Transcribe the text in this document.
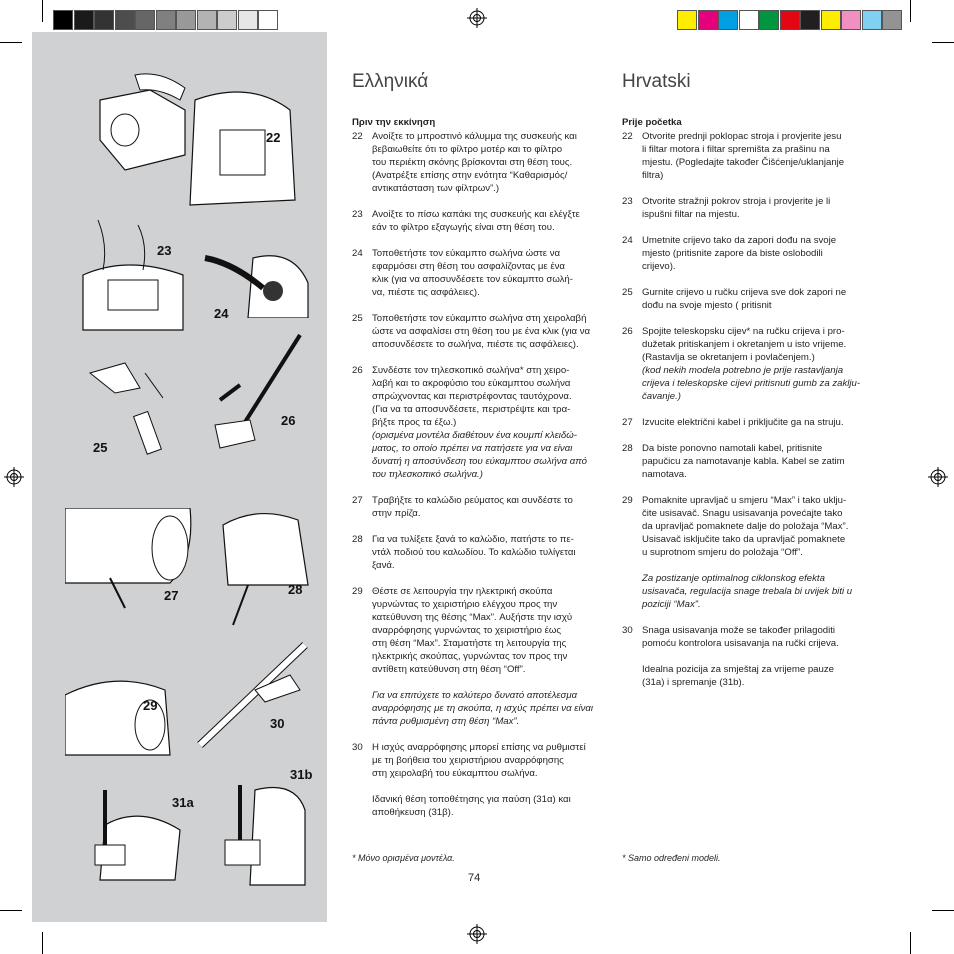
22
23
24
25
26
27	28
29
30
31a
31b
Ελληνικά
Πριν την εκκίνηση
22 Ανοίξτε το μπροστινό κάλυμμα της συσκευής και
βεβαιωθείτε ότι το φίλτρο μοτέρ και το φίλτρο
του περιέκτη σκόνης βρίσκονται στη θέση τους.
(Ανατρέξτε επίσης στην ενότητα “Καθαρισμός/
αντικατάσταση των φίλτρων”.)

23 Ανοίξτε το πίσω καπάκι της συσκευής και ελέγξτε
εάν το φίλτρο εξαγωγής είναι στη θέση του.

24 Τοποθετήστε τον εύκαμπτο σωλήνα ώστε να
εφαρμόσει στη θέση του ασφαλίζοντας με ένα
κλικ (για να αποσυνδέσετε τον εύκαμπτο σωλή-
να, πιέστε τις ασφάλειες).

25 Τοποθετήστε τον εύκαμπτο σωλήνα στη χειρολαβή
ώστε να ασφαλίσει στη θέση του με ένα κλικ (για να
αποσυνδέσετε το σωλήνα, πιέστε τις ασφάλειες).

26 Συνδέστε τον τηλεσκοπικό σωλήνα* στη χειρο-
λαβή και το ακροφύσιο του εύκαμπτου σωλήνα
σπρώχνοντας και περιστρέφοντας ταυτόχρονα.
(Για να τα αποσυνδέσετε, περιστρέψτε και τρα-
βήξτε προς τα έξω.)

(ορισμένα μοντέλα διαθέτουν ένα κουμπί κλειδώ-
ματος, το οποίο πρέπει να πατήσετε για να είναι
δυνατή η αποσύνδεση του εύκαμπτου σωλήνα από
του τηλεσκοπικό σωλήνα.)

27 Τραβήξτε το καλώδιο ρεύματος και συνδέστε το
στην πρίζα.

28 Για να τυλίξετε ξανά το καλώδιο, πατήστε το πε-
ντάλ ποδιού του καλωδίου. Το καλώδιο τυλίγεται
ξανά.

29 Θέστε σε λειτουργία την ηλεκτρική σκούπα
γυρνώντας το χειριστήριο ελέγχου προς την
κατεύθυνση της θέσης “Max”. Αυξήστε την ισχύ
αναρρόφησης γυρνώντας το χειριστήριο έως
στη θέση “Max”. Σταματήστε τη λειτουργία της
ηλεκτρικής σκούπας, γυρνώντας τον προς την
αντίθετη κατεύθυνση στη θέση “Off”.

Για να επιτύχετε το καλύτερο δυνατό αποτέλεσμα
αναρρόφησης με τη σκούπα, η ισχύς πρέπει να είναι
πάντα ρυθμισμένη στη θέση “Max”.

30 Η ισχύς αναρρόφησης μπορεί επίσης να ρυθμιστεί
με τη βοήθεια του χειριστήριου αναρρόφησης
στη χειρολαβή του εύκαμπτου σωλήνα.

Ιδανική θέση τοποθέτησης για παύση (31α) και
αποθήκευση (31β).

* Μόνο ορισμένα μοντέλα.
Hrvatski
Prije početka
22 Otvorite prednji poklopac stroja i provjerite jesu
li filtar motora i filtar spremišta za prašinu na
mjestu. (Pogledajte također Čišćenje/uklanjanje
filtra)

23 Otvorite stražnji pokrov stroja i provjerite je li
ispušni filtar na mjestu.

24 Umetnite crijevo tako da zapori dođu na svoje
mjesto (pritisnite zapore da biste oslobodili
crijevo).

25 Gurnite crijevo u ručku crijeva sve dok zapori ne
dođu na svoje mjesto ( pritisnit

26 Spojite teleskopsku cijev* na ručku crijeva i pro-
dužetak pritiskanjem i okretanjem u isto vrijeme.
(Rastavlja se okretanjem i povlačenjem.)

(kod nekih modela potrebno je prije rastavljanja
crijeva i teleskopske cijevi pritisnuti gumb za zaklju-
čavanje.)

27 Izvucite električni kabel i priključite ga na struju.

28 Da biste ponovno namotali kabel, pritisnite
papučicu za namotavanje kabla. Kabel se zatim
namotava.

29 Pomaknite upravljač u smjeru “Max” i tako uklju-
čite usisavač. Snagu usisavanja povećajte tako
da upravljač pomaknete dalje do položaja “Max”.
Usisavač isključite tako da upravljač pomaknete
u suprotnom smjeru do položaja “Off”.

Za postizanje optimalnog ciklonskog efekta
usisavača, regulacija snage trebala bi uvijek biti u
poziciji “Max”.

30 Snaga usisavanja može se također prilagoditi
pomoću kontrolora usisavanja na ručki crijeva.

Idealna pozicija za smještaj za vrijeme pauze
(31a) i spremanje (31b).

* Samo određeni modeli.
74
